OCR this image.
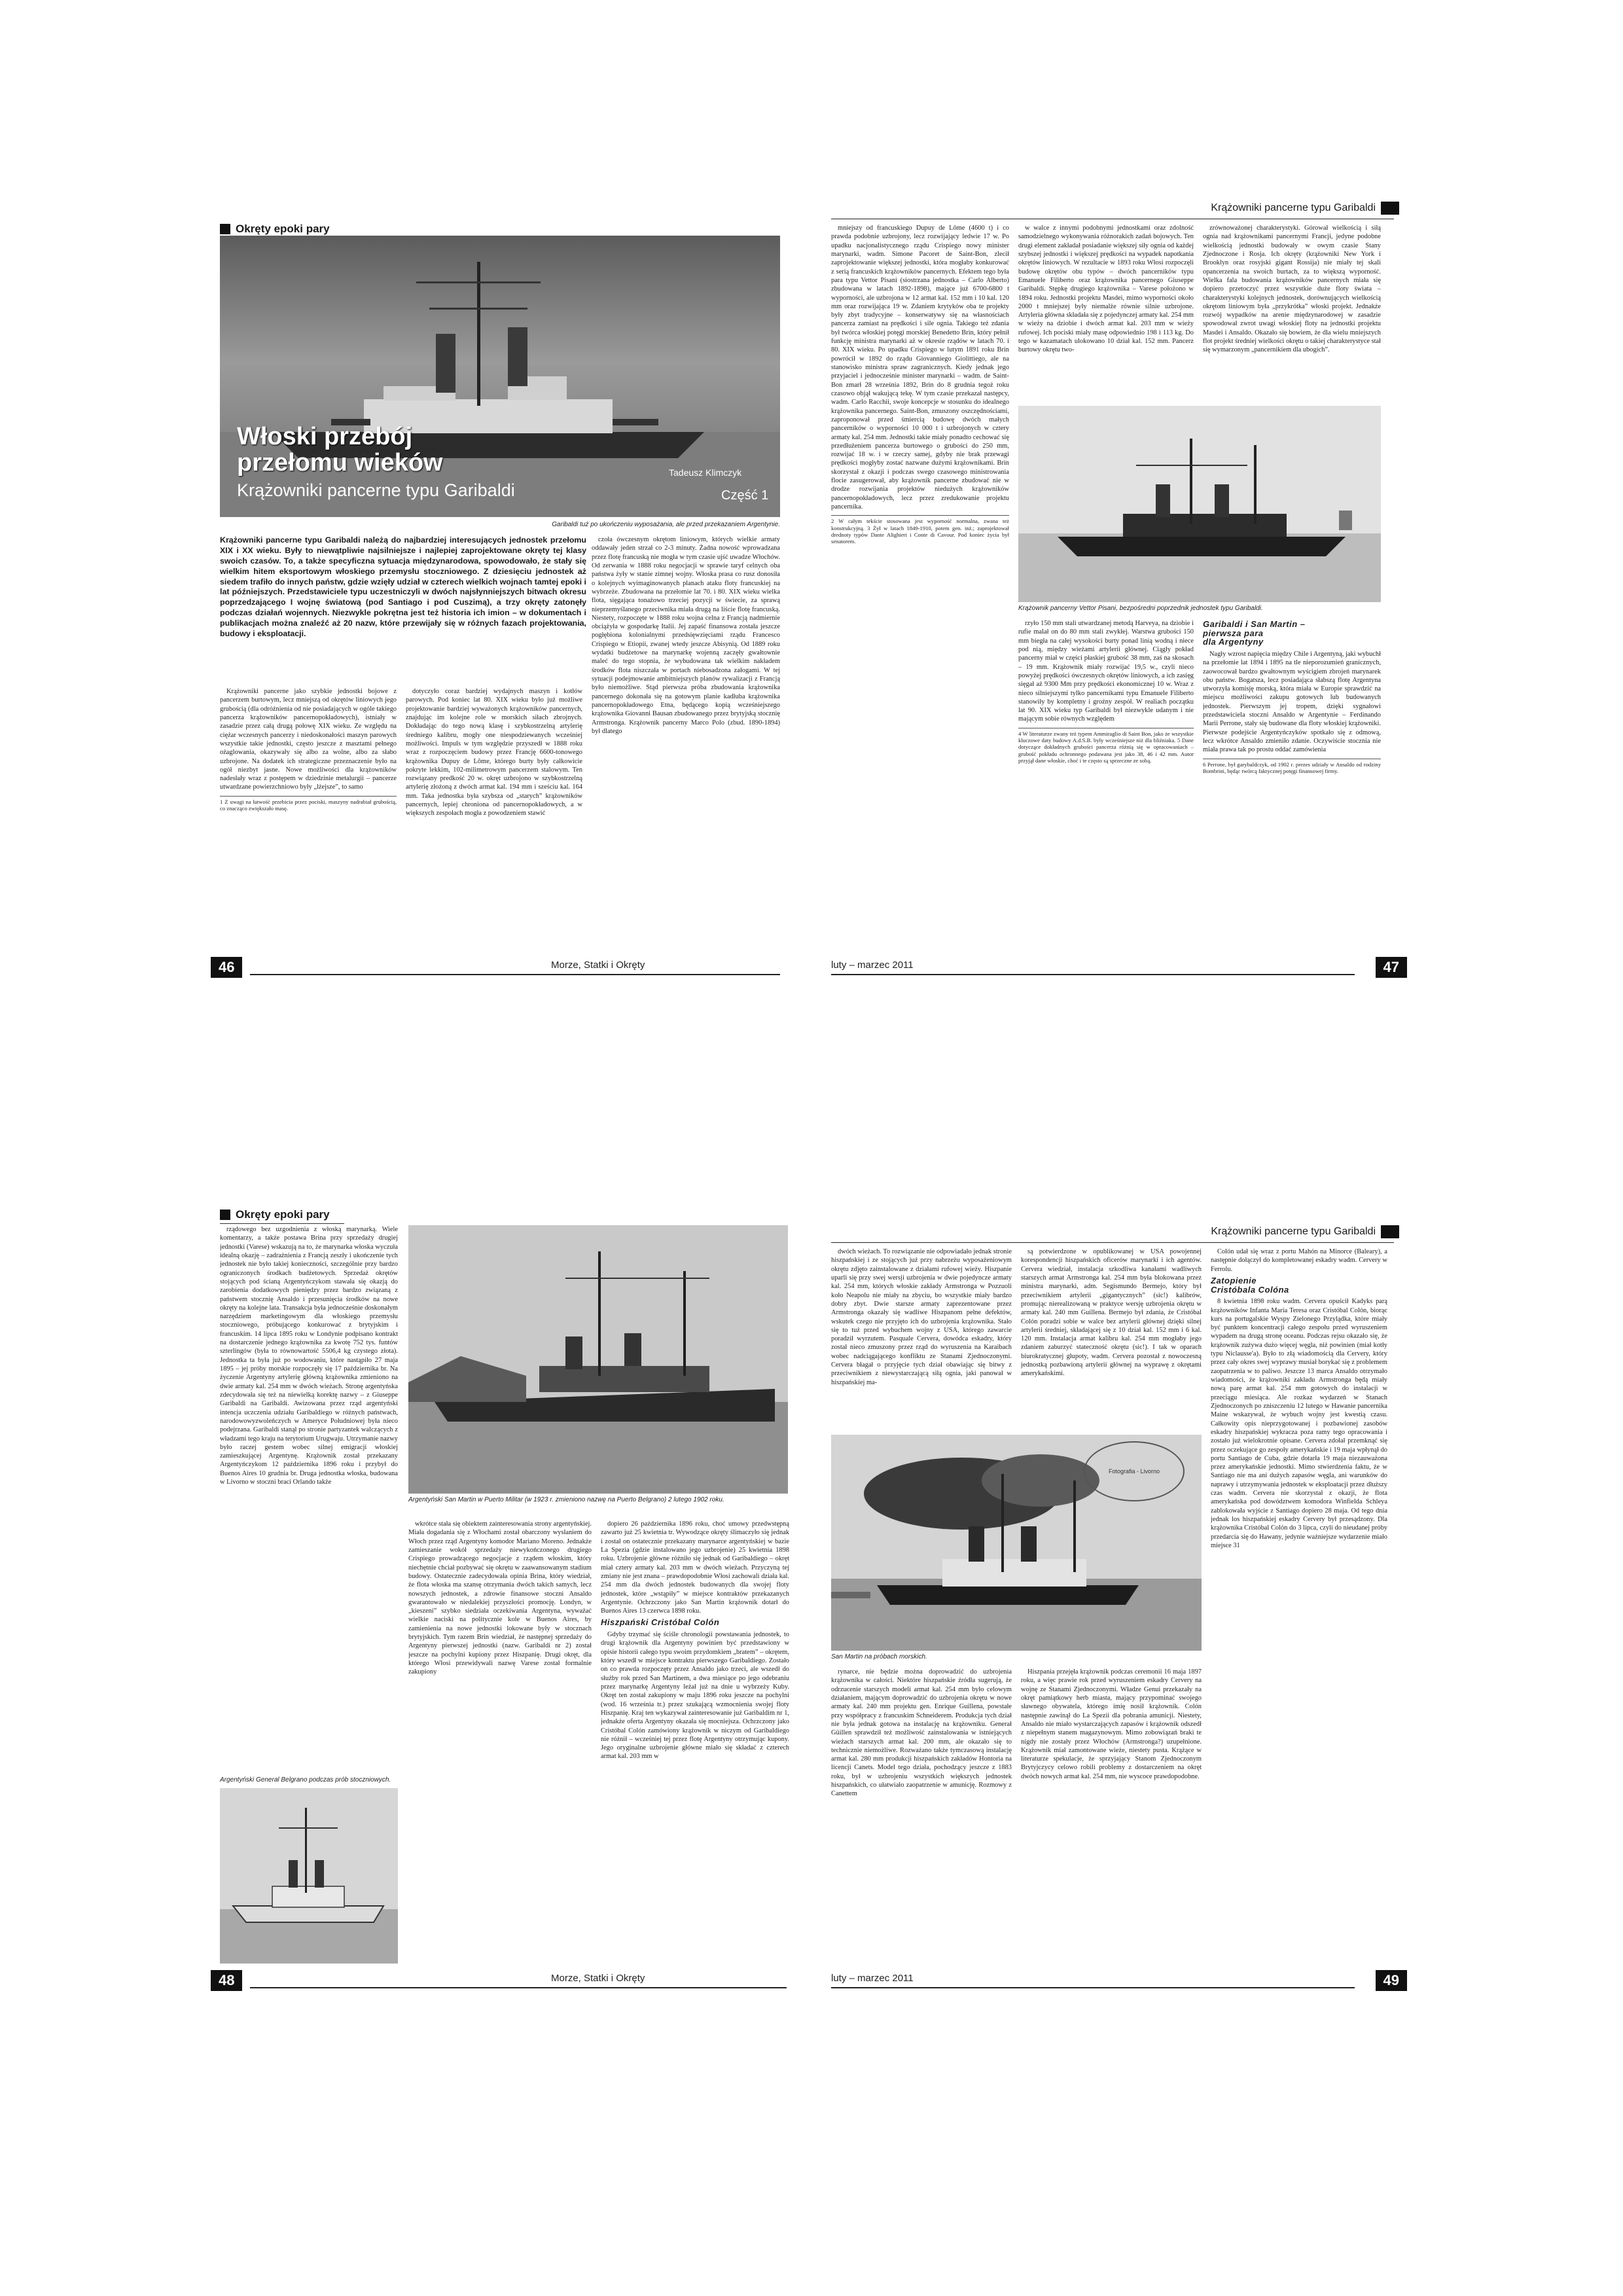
Okręty epoki pary
Włoski przebój
przełomu wieków
Krążowniki pancerne typu Garibaldi
Tadeusz Klimczyk
Część 1
Garibaldi tuż po ukończeniu wyposażania, ale przed przekazaniem Argentynie.
Krążowniki pancerne typu Garibaldi należą do najbardziej interesujących jednostek przełomu XIX i XX wieku. Były to niewątpliwie najsilniejsze i najlepiej zaprojektowane okręty tej klasy swoich czasów. To, a także specyficzna sytuacja międzynarodowa, spowodowało, że stały się wielkim hitem eksportowym włoskiego przemysłu stoczniowego. Z dziesięciu jednostek aż siedem trafiło do innych państw, gdzie wzięły udział w czterech wielkich wojnach tamtej epoki i lat późniejszych. Przedstawiciele typu uczestniczyli w dwóch najsłynniejszych bitwach okresu poprzedzającego I wojnę światową (pod Santiago i pod Cuszimą), a trzy okręty zatonęły podczas działań wojennych. Niezwykle pokrętna jest też historia ich imion – w dokumentach i publikacjach można znaleźć aż 20 nazw, które przewijały się w różnych fazach projektowania, budowy i eksploatacji.

Krążowniki pancerne jako szybkie jednostki bojowe z pancerzem burtowym, lecz mniejszą od okrętów liniowych jego grubością (dla odróżnienia od nie posiadających w ogóle takiego pancerza krążowników pancernopokładowych), istniały w zasadzie przez całą drugą połowę XIX wieku. Ze względu na ciężar wczesnych pancerzy i niedoskonałości maszyn parowych wszystkie takie jednostki, często jeszcze z masztami pełnego ożaglowania, okazywały się albo za wolne, albo za słabo uzbrojone. Na dodatek ich strategiczne przeznaczenie było na ogół niezbyt jasne. Nowe możliwości dla krążowników nadesłały wraz z postępem w dziedzinie metalurgii – pancerze utwardzane powierzchniowo były „lżejsze”, to samo

1 Z uwagi na łatwość przebicia przez pociski, maszyny nadrabiał grubością, co znacząco zwiększało masę.

dotyczyło coraz bardziej wydajnych maszyn i kotłów parowych. Pod koniec lat 80. XIX wieku było już możliwe projektowanie bardziej wyważonych krążowników pancernych, znajdując im kolejne role w morskich siłach zbrojnych. Dokładając do tego nową klasę i szybkostrzelną artylerię średniego kalibru, mogły one niespodziewanych wcześniej możliwości. Impuls w tym względzie przyszedł w 1888 roku wraz z rozpoczęciem budowy przez Francję 6600-tonowego krążownika Dupuy de Lôme, którego burty były całkowicie pokryte lekkim, 102-milimetrowym pancerzem stalowym. Ten rozwiązany predkość 20 w. okręt uzbrojono w szybkostrzelną artylerię złożoną z dwóch armat kal. 194 mm i sześciu kal. 164 mm. Taka jednostka była szybsza od „starych” krążowników pancernych, lepiej chroniona od pancernopokładowych, a w większych zespołach mogła z powodzeniem stawić

czoła ówczesnym okrętom liniowym, których wielkie armaty oddawały jeden strzał co 2-3 minuty. Żadna nowość wprowadzana przez flotę francuską nie mogła w tym czasie ujść uwadze Włochów. Od zerwania w 1888 roku negocjacji w sprawie taryf celnych oba państwa żyły w stanie zimnej wojny. Włoska prasa co rusz donosiła o kolejnych wyimaginowanych planach ataku floty francuskiej na wybrzeże. Zbudowana na przełomie lat 70. i 80. XIX wieku wielka flota, sięgająca tonażowo trzeciej pozycji w świecie, za sprawą nieprzemyślanego przeciwnika miała drugą na liście flotę francuską. Niestety, rozpoczęte w 1888 roku wojna celna z Francją nadmiernie obciążyła w gospodarkę Italii. Jej zapaść finansowa została jeszcze pogłębiona kolonialnymi przedsięwzięciami rządu Francesco Crispiego w Etiopii, zwanej wtedy jeszcze Abisynią. Od 1889 roku wydatki budżetowe na marynarkę wojenną zaczęły gwałtownie maleć do tego stopnia, że wybudowana tak wielkim nakładem środków flota niszczała w portach niebosadzona załogami. W tej sytuacji podejmowanie ambitniejszych planów rywalizacji z Francją było niemożliwe. Stąd pierwsza próba zbudowania krążownika pancernego dokonała się na gotowym planie kadłuba krążownika pancernopokładowego Etna, będącego kopią wcześniejszego krążownika Giovanni Bausan zbudowanego przez brytyjską stocznię Armstronga. Krążownik pancerny Marco Polo (zbud. 1890-1894) był dlatego

46	Morze, Statki i Okręty
Krążowniki pancerne typu Garibaldi

mniejszy od francuskiego Dupuy de Lôme (4600 t) i co prawda podobnie uzbrojony, lecz rozwijający ledwie 17 w. Po upadku nacjonalistycznego rządu Crispiego nowy minister marynarki, wadm. Simone Pacoret de Saint-Bon, zlecił zaprojektowanie większej jednostki, która mogłaby konkurować z serią francuskich krążowników pancernych. Efektem tego była para typu Vettor Pisani (siostrzana jednostka – Carlo Alberto) zbudowana w latach 1892-1898), mające już 6700-6800 t wyporności, ale uzbrojona w 12 armat kal. 152 mm i 10 kal. 120 mm oraz rozwijająca 19 w. Zdaniem krytyków oba te projekty były zbyt tradycyjne – konserwatywy się na własnościach pancerza zamiast na prędkości i sile ognia. Takiego też zdania był twórca włoskiej potęgi morskiej Benedetto Brin, który pełnił funkcję ministra marynarki aż w okresie rządów w latach 70. i 80. XIX wieku. Po upadku Crispiego w lutym 1891 roku Brin powrócił w 1892 do rządu Giovanniego Giolittiego, ale na stanowisko ministra spraw zagranicznych. Kiedy jednak jego przyjaciel i jednocześnie minister marynarki – wadm. de Saint-Bon zmarł 28 września 1892, Brin do 8 grudnia tegoż roku czasowo objął wakującą tekę. W tym czasie przekazał następcy, wadm. Carlo Racchii, swoje koncepcje w stosunku do idealnego krążownika pancernego. Saint-Bon, zmuszony oszczędnościami, zaproponował przed śmiercią budowę dwóch małych pancerników o wyporności 10 000 t i uzbrojonych w cztery armaty kal. 254 mm. Jednostki takie miały ponadto cechować się przedłużeniem pancerza burtowego o grubości do 250 mm, rozwijać 18 w. i w rzeczy samej, gdyby nie brak przewagi prędkości mogłyby zostać nazwane dużymi krążownikami. Brin skorzystał z okazji i podczas swego czasowego ministrowania flocie zasugerował, aby krążownik pancerne zbudować nie w drodze rozwijania projektów niedużych krążowników pancernopokładowych, lecz przez zredukowanie projektu pancernika.

2 W całym tekście stosowana jest wyporność normalna, zwana też konstrukcyjną. 3 Żył w latach 1849-1910, potem gen. inż.; zaprojektował drednoty typów Dante Alighieri i Conte di Cavour. Pod koniec życia był senatorem.

w walce z innymi podobnymi jednostkami oraz zdolność samodzielnego wykonywania różnorakich zadań bojowych. Ten drugi element zakładał posiadanie większej siły ognia od każdej szybszej jednostki i większej prędkości na wypadek napotkania okrętów liniowych. W rezultacie w 1893 roku Włosi rozpoczęli budowę okrętów obu typów – dwóch pancerników typu Emanuele Filiberto oraz krążownika pancernego Giuseppe Garibaldi. Stępkę drugiego krążownika – Varese położono w 1894 roku. Jednostki projektu Masdei, mimo wyporności około 2000 t mniejszej były niemalże równie silnie uzbrojone. Artyleria główna składała się z pojedynczej armaty kal. 254 mm w wieży na dziobie i dwóch armat kal. 203 mm w wieży rufowej. Ich pociski miały masę odpowiednio 198 i 113 kg. Do tego w kazamatach ulokowano 10 dział kal. 152 mm. Pancerz burtowy okrętu two-

zrównoważonej charakterystyki. Górował wielkością i siłą ognia nad krążownikami pancernymi Francji, jedyne podobne wielkością jednostki budowały w owym czasie Stany Zjednoczone i Rosja. Ich okręty (krążowniki New York i Brooklyn oraz rosyjski gigant Rossija) nie miały tej skali opancerzenia na swoich burtach, za to większą wyporność. Wielka fala budowania krążowników pancernych miała się dopiero przetoczyć przez wszystkie duże floty świata – charakterystyki kolejnych jednostek, dorównujących wielkością okrętom liniowym była „przykrótka” włoski projekt. Jednakże rozwój wypadków na arenie międzynarodowej w zasadzie spowodował zwrot uwagi włoskiej floty na jednostki projektu Masdei i Ansaldo. Okazało się bowiem, że dla wielu mniejszych flot projekt średniej wielkości okrętu o takiej charakterystyce stał się wymarzonym „pancernikiem dla ubogich”.

Krążownik pancerny Vettor Pisani, bezpośredni poprzednik jednostek typu Garibaldi.

rzyło 150 mm stali utwardzanej metodą Harveya, na dziobie i rufie malał on do 80 mm stali zwykłej. Warstwa grubości 150 mm biegła na całej wysokości burty ponad linią wodną i niece pod nią, między wieżami artylerii głównej. Ciągły pokład pancerny miał w części płaskiej grubość 38 mm, zaś na skosach – 19 mm. Krążownik miały rozwijać 19,5 w., czyli nieco powyżej prędkości ówczesnych okrętów liniowych, a ich zasięg sięgał aż 9300 Mm przy prędkości ekonomicznej 10 w. Wraz z nieco silniejszymi tylko pancernikami typu Emanuele Filiberto stanowiły by kompletny i groźny zespół. W realiach początku lat 90. XIX wieku typ Garibaldi był niezwykle udanym i nie mającym sobie równych względem

4 W literaturze zwany też typem Ammiraglio di Saint Bon, jako że wszystkie kluczowe daty budowy A.d.S.B. były wcześniejsze niż dla bliźniaka. 5 Dane dotyczące dokładnych grubości pancerza różnią się w opracowaniach – grubość pokładu ochronnego podawana jest jako 38, 46 i 42 mm. Autor przyjął dane włoskie, choć i te często są sprzeczne ze sobą.

Garibaldi i San Martin –

pierwsza para

dla Argentyny

Nagły wzrost napięcia między Chile i Argentyną, jaki wybuchł na przełomie lat 1894 i 1895 na tle nieporozumień granicznych, zaowocował bardzo gwałtownym wyścigiem zbrojeń marynarek obu państw. Bogatsza, lecz posiadająca słabszą flotę Argentyna utworzyła komisję morską, która miała w Europie sprawdzić na miejscu możliwości zakupu gotowych lub budowanych jednostek. Pierwszym jej tropem, dzięki sygnałowi przedstawiciela stoczni Ansaldo w Argentynie – Ferdinando Marii Perrone, stały się budowane dla floty włoskiej krążowniki. Pierwsze podejście Argentyńczyków spotkało się z odmową, lecz wkrótce Ansaldo zmieniło zdanie. Oczywiście stocznia nie miała prawa tak po prostu oddać zamówienia

6 Perrone, był garybaldczyk, od 1902 r. prezes udziały w Ansaldo od rodziny Bombrini, będąc twórcą faktycznej potęgi finansowej firmy.
luty – marzec 2011	47
Okręty epoki pary

rządowego bez uzgodnienia z włoską marynarką. Wiele komentarzy, a także postawa Brina przy sprzedaży drugiej jednostki (Varese) wskazują na to, że marynarka włoska wyczuła idealną okazję – zadrażnienia z Francją zeszły i ukończenie tych jednostek nie było takiej konieczności, szczególnie przy bardzo ograniczonych środkach budżetowych. Sprzedaż okrętów stojących pod ścianą Argentyńczykom stawała się okazją do zarobienia dodatkowych pieniędzy przez bardzo związaną z państwem stocznię Ansaldo i przesunięcia środków na nowe okręty na kolejne lata. Transakcja była jednocześnie doskonałym narzędziem marketingowym dla włoskiego przemysłu stoczniowego, próbującego konkurować z brytyjskim i francuskim. 14 lipca 1895 roku w Londynie podpisano kontrakt na dostarczenie jednego krążownika za kwotę 752 tys. funtów szterlingów (była to równowartość 5506,4 kg czystego złota). Jednostka ta była już po wodowaniu, które nastąpiło 27 maja 1895 – jej próby morskie rozpoczęły się 17 października br. Na życzenie Argentyny artylerię główną krążownika zmieniono na dwie armaty kal. 254 mm w dwóch wieżach. Stronę argentyńska zdecydowała się też na niewielką korektę nazwy – z Giuseppe Garibaldi na Garibaldi. Awizowana przez rząd argentyński intencja uczczenia udziału Garibaldiego w różnych państwach, narodowowyzwoleńczych w Ameryce Południowej była nieco podejrzana. Garibaldi stanął po stronie partyzantek walczących z władzami tego kraju na terytorium Urugwaju. Utrzymanie nazwy było raczej gestem wobec silnej emigracji włoskiej zamieszkującej Argentynę. Krążownik został przekazany Argentyńczykom 12 października 1896 roku i przybył do Buenos Aires 10 grudnia br. Druga jednostka włoska, budowana w Livorno w stoczni braci Orlando także

Argentyński San Martin w Puerto Militar (w 1923 r. zmieniono nazwę na Puerto Belgrano) 2 lutego 1902 roku.

wkrótce stała się obiektem zainteresowania strony argentyńskiej. Miała dogadania się z Włochami został obarczony wysłaniem do Włoch przez rząd Argentyny komodor Mariano Moreno. Jednakże zamieszanie wokół sprzedaży niewykończonego drugiego Crispiego prowadzącego negocjacje z rządem włoskim, który niechętnie chciał pozbywać się okrętu w zaawansowanym stadium budowy. Ostatecznie zadecydowała opinia Brina, który wiedział, że flota włoska ma szansę otrzymania dwóch takich samych, lecz nowszych jednostek, a zdrowie finansowe stoczni Ansaldo gwarantowało w niedalekiej przyszłości promocję. Londyn, w „kieszeni” szybko siedziała oczekiwania Argentyna, wyważać wielkie naciski na politycznie kole w Buenos Aires, by zamienienia na nowe jednostki lokowane były w stocznach brytyjskich. Tym razem Brin wiedział, że następnej sprzedaży do Argentyny pierwszej jednostki (nazw. Garibaldi nr 2) został jeszcze na pochylni kupiony przez Hiszpanię. Drugi okręt, dla którego Włosi przewidywali nazwę Varese został formalnie zakupiony

dopiero 26 października 1896 roku, choć umowy przedwstępną zawarto już 25 kwietnia tr. Wywodzące okręty ślimaczyło się jednak i został on ostatecznie przekazany marynarce argentyńskiej w bazie La Spezia (gdzie instalowano jego uzbrojenie) 25 kwietnia 1898 roku. Uzbrojenie główne różniło się jednak od Garibaldiego – okręt miał cztery armaty kal. 203 mm w dwóch wieżach. Przyczyną tej zmiany nie jest znana – prawdopodobnie Włosi zachowali działa kal. 254 mm dla dwóch jednostek budowanych dla swojej floty jednostek, które „wstąpiły” w miejsce kontraktów przekazanych Argentynie. Ochrzczony jako San Martin krążownik dotarł do Buenos Aires 13 czerwca 1898 roku.

Hiszpański Cristóbal Colón

Gdyby trzymać się ściśle chronologii powstawania jednostek, to drugi krążownik dla Argentyny powinien być przedstawiony w opisie historii całego typu swoim przydomkiem „bratem” – okrętem, który wszedł w miejsce kontraktu pierwszego Garibaldiego. Zostało on co prawda rozpoczęty przez Ansaldo jako trzeci, ale wszedł do służby rok przed San Martinem, a dwa miesiące po jego odebraniu przez marynarkę Argentyny leżał już na dnie u wybrzeży Kuby. Okręt ten został zakupiony w maju 1896 roku jeszcze na pochylni (wod. 16 września tr.) przez szukającą wzmocnienia swojej floty Hiszpanię. Kraj ten wykazywał zainteresowanie już Garibaldim nr 1, jednakże oferta Argentyny okazała się mocniejsza. Ochrzczony jako Cristóbal Colón zamówiony krążownik w niczym od Garibaldiego nie różnił – wcześniej tej przez flotę Argentyny otrzymując kupony. Jego oryginalne uzbrojenie główne miało się składać z czterech armat kal. 203 mm w

Argentyński General Belgrano podczas prób stoczniowych.
48	Morze, Statki i Okręty
Krążowniki pancerne typu Garibaldi

dwóch wieżach. To rozwiązanie nie odpowiadało jednak stronie hiszpańskiej i ze stojących już przy nabrzeżu wyposażeniowym okrętu zdjęto zainstalowane z działami rufowej wieży. Hiszpanie uparli się przy swej wersji uzbrojenia w dwie pojedyncze armaty kal. 254 mm, których włoskie zakłady Armstronga w Pozzuoli koło Neapolu nie miały na zbyciu, bo wszystkie miały bardzo dobry zbyt. Dwie starsze armaty zaprezentowane przez Armstronga okazały się wadliwe Hiszpanom pełne defektów, wskutek czego nie przyjęto ich do uzbrojenia krążownika. Stało się to tuż przed wybuchem wojny z USA, którego zawarcie poradził wyrzutem. Pasquale Cervera, dowódca eskadry, który został nieco zmuszony przez rząd do wyruszenia na Karaibach wobec nadciągającego konfliktu ze Stanami Zjednoczonymi. Cervera błagał o przyjęcie tych dział obawiając się bitwy z przeciwnikiem z niewystarczającą siłą ognia, jaki panował w hiszpańskiej ma-

są potwierdzone w opublikowanej w USA powojennej korespondencji hiszpańskich oficerów marynarki i ich agentów. Cervera wiedział, instalacja szkodliwa kanałami wadliwych starszych armat Armstronga kal. 254 mm była blokowana przez ministra marynarki, adm. Segismundo Bermejo, który był przeciwnikiem artylerii „gigantycznych” (sic!) kalibrów, promując nierealizowaną w praktyce wersję uzbrojenia okrętu w armaty kal. 240 mm Guillena. Bermejo był zdania, że Cristóbal Colón poradzi sobie w walce bez artylerii głównej dzięki silnej artylerii średniej, składającej się z 10 dział kal. 152 mm i 6 kal. 120 mm. Instalacja armat kalibru kal. 254 mm mogłaby jego zdaniem zaburzyć stateczność okrętu (sic!). I tak w oparach biurokratycznej głupoty, wadm. Cervera pozostał z nowoczesną jednostką pozbawioną artylerii głównej na wyprawę z okrętami amerykańskimi.

Colón udał się wraz z portu Mahón na Minorce (Baleary), a następnie dołączył do kompletowanej eskadry wadm. Cervery w Ferrolu.

Zatopienie

Cristóbala Colóna

8 kwietnia 1898 roku wadm. Cervera opuścił Kadyks parą krążowników Infanta María Teresa oraz Cristóbal Colón, biorąc kurs na portugalskie Wyspy Zielonego Przylądka, które miały być punktem koncentracji całego zespołu przed wyruszeniem wypadem na drugą stronę oceanu. Podczas rejsu okazało się, że krążownik zużywa dużo więcej węgla, niż powinien (miał kotły typu Niclausse'a). Było to złą wiadomością dla Cervery, który przez cały okres swej wyprawy musiał borykać się z problemem zaopatrzenia w to paliwo. Jeszcze 13 marca Ansaldo otrzymało wiadomości, że krążowniki zakładu Armstronga będą miały nową parę armat kal. 254 mm gotowych do instalacji w przeciągu miesiąca. Ale rozkaz wydarzeń w Stanach Zjednoczonych po zniszczeniu 12 lutego w Hawanie pancernika Maine wskazywał, że wybuch wojny jest kwestią czasu. Całkowity opis nieprzygotowanej i pozbawionej zasobów eskadry hiszpańskiej wykracza poza ramy tego opracowania i zostało już wielokrotnie opisane. Cervera zdołał przemknąć się przez oczekujące go zespoły amerykańskie i 19 maja wpłynął do portu Santiago de Cuba, gdzie dotarła 19 maja niezauważona przez amerykańskie jednostki. Mimo stwierdzenia faktu, że w Santiago nie ma ani dużych zapasów węgla, ani warunków do naprawy i utrzymywania jednostek w eksploatacji przez dłuższy czas wadm. Cervera nie skorzystał z okazji, że flota amerykańska pod dowództwem komodora Winfielda Schleya zablokowała wyjście z Santiago dopiero 28 maja. Od tego dnia jednak los hiszpańskiej eskadry Cervery był przesądzony. Dla krążownika Cristóbal Colón do 3 lipca, czyli do nieudanej próby przedarcia się do Hawany, jedynie ważniejsze wydarzenie miało miejsce 31

Fotografia - Livorno
San Martin na próbach morskich.

rynarce, nie będzie można doprowadzić do uzbrojenia krążownika w całości. Niektóre hiszpańskie źródła sugerują, że odrzucenie starszych modeli armat kal. 254 mm było celowym działaniem, mającym doprowadzić do uzbrojenia okrętu w nowe armaty kal. 240 mm projektu gen. Enrique Guillena, powstałe przy współpracy z francuskim Schneiderem. Produkcja tych dział nie była jednak gotowa na instalację na krążowniku. Generał Güillen sprawdził też możliwość zainstalowania w istniejących wieżach starszych armat kal. 200 mm, ale okazało się to technicznie niemożliwe. Rozważano także tymczasową instalację armat kal. 280 mm produkcji hiszpańskich zakładów Hontoria na licencji Canets. Model tego działa, pochodzący jeszcze z 1883 roku, był w uzbrojeniu wszystkich większych jednostek hiszpańskich, co ułatwiało zaopatrzenie w amunicję. Rozmowy z Canettem

Hiszpania przejęła krążownik podczas ceremonii 16 maja 1897 roku, a więc prawie rok przed wyruszeniem eskadry Cervery na wojnę ze Stanami Zjednoczonymi. Władze Genui przekazały na okręt pamiątkowy herb miasta, mający przypominać swojego sławnego obywatela, którego imię nosił krążownik. Colón następnie zawinął do La Spezii dla pobrania amunicji. Niestety, Ansaldo nie miało wystarczających zapasów i krążownik odszedł z niepełnym stanem magazynowym. Mimo zobowiązań braki te nigdy nie zostały przez Włochów (Armstronga?) uzupełnione. Krążownik miał zamontowane wieże, niestety pusta. Krążące w literaturze spekulacje, że sprzyjający Stanom Zjednoczonym Brytyjczycy celowo robili problemy z dostarczeniem na okręt dwóch nowych armat kal. 254 mm, nie wyscoce prawdopodobne.

luty – marzec 2011	49
